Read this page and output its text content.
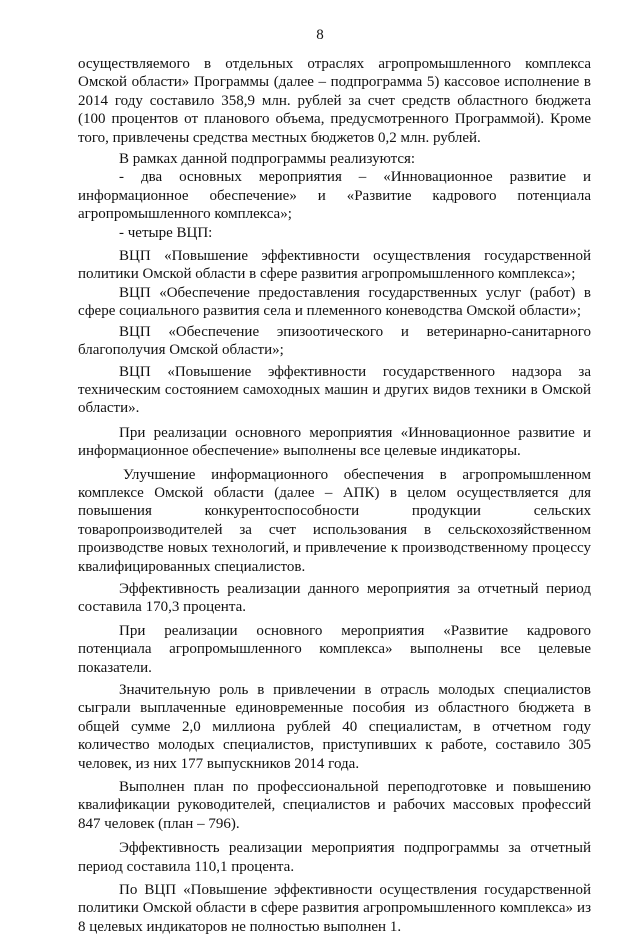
8

осуществляемого в отдельных отраслях агропромышленного комплекса Омской области» Программы (далее – подпрограмма 5) кассовое исполнение в 2014 году составило 358,9 млн. рублей за счет средств областного бюджета (100 процентов от планового объема, предусмотренного Программой). Кроме того, привлечены средства местных бюджетов 0,2 млн. рублей.

В рамках данной подпрограммы реализуются:

- два основных мероприятия – «Инновационное развитие и информационное обеспечение» и «Развитие кадрового потенциала агропромышленного комплекса»;

- четыре ВЦП:

ВЦП «Повышение эффективности осуществления государственной политики Омской области в сфере развития агропромышленного комплекса»;

ВЦП «Обеспечение предоставления государственных услуг (работ) в сфере социального развития села и племенного коневодства Омской области»;

ВЦП «Обеспечение эпизоотического и ветеринарно-санитарного благополучия Омской области»;

ВЦП «Повышение эффективности государственного надзора за техническим состоянием самоходных машин и других видов техники в Омской области».

При реализации основного мероприятия «Инновационное развитие и информационное обеспечение» выполнены все целевые индикаторы.

Улучшение информационного обеспечения в агропромышленном комплексе Омской области (далее – АПК) в целом осуществляется для повышения конкурентоспособности продукции сельских товаропроизводителей за счет использования в сельскохозяйственном производстве новых технологий, и привлечение к производственному процессу квалифицированных специалистов.

Эффективность реализации данного мероприятия за отчетный период составила 170,3 процента.

При реализации основного мероприятия «Развитие кадрового потенциала агропромышленного комплекса» выполнены все целевые показатели.

Значительную роль в привлечении в отрасль молодых специалистов сыграли выплаченные единовременные пособия из областного бюджета в общей сумме 2,0 миллиона рублей 40 специалистам, в отчетном году количество молодых специалистов, приступивших к работе, составило 305 человек, из них 177 выпускников 2014 года.

Выполнен план по профессиональной переподготовке и повышению квалификации руководителей, специалистов и рабочих массовых профессий 847 человек (план – 796).

Эффективность реализации мероприятия подпрограммы за отчетный период составила 110,1 процента.

По ВЦП «Повышение эффективности осуществления государственной политики Омской области в сфере развития агропромышленного комплекса» из 8 целевых индикаторов не полностью выполнен 1.
